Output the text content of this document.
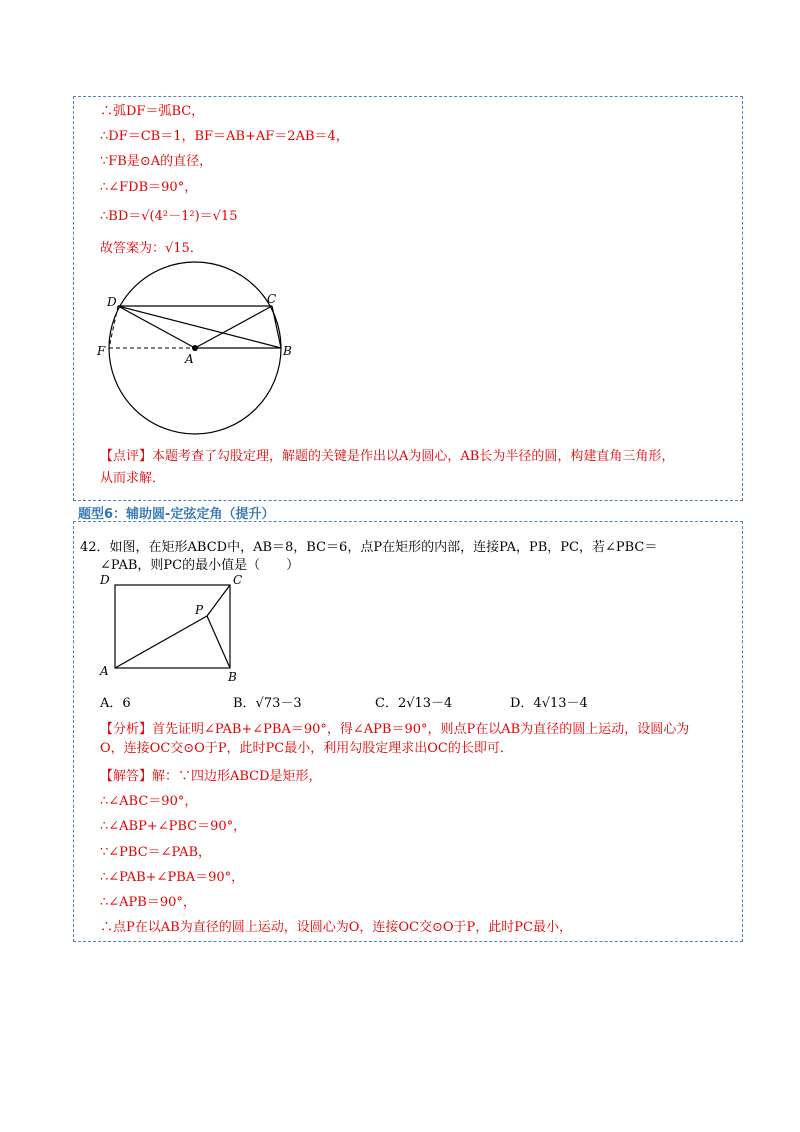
∴弧DF＝弧BC，
∴DF＝CB＝1，BF＝AB+AF＝2AB＝4，
∵FB是⊙A的直径，
∴∠FDB＝90°，
∴BD＝√(4²－1²)＝√15
故答案为：√15．
D	C
F
A
B
【点评】本题考查了勾股定理，解题的关键是作出以A为圆心，AB长为半径的圆，构建直角三角形，
从而求解．
题型6：辅助圆-定弦定角（提升）
42．如图，在矩形ABCD中，AB＝8，BC＝6，点P在矩形的内部，连接PA，PB，PC，若∠PBC＝
∠PAB，则PC的最小值是（　　）
D	C
P
A	B
A．6	B．√73－3	C．2√13－4	D．4√13－4
【分析】首先证明∠PAB+∠PBA＝90°，得∠APB＝90°，则点P在以AB为直径的圆上运动，设圆心为
O，连接OC交⊙O于P，此时PC最小，利用勾股定理求出OC的长即可．
【解答】解：∵四边形ABCD是矩形，
∴∠ABC＝90°，
∴∠ABP+∠PBC＝90°，
∵∠PBC＝∠PAB，
∴∠PAB+∠PBA＝90°，
∴∠APB＝90°，
∴点P在以AB为直径的圆上运动，设圆心为O，连接OC交⊙O于P，此时PC最小，
